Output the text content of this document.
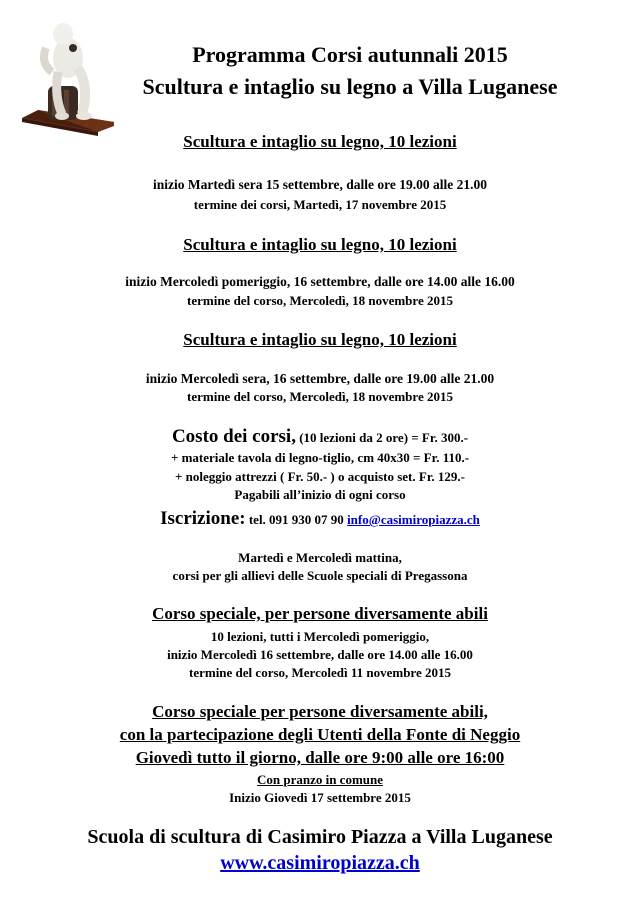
Programma Corsi autunnali 2015
Scultura e intaglio su legno a Villa Luganese
Scultura e intaglio su legno, 10 lezioni
inizio Martedì sera 15 settembre, dalle ore 19.00 alle 21.00
termine dei corsi, Martedì, 17 novembre 2015
Scultura e intaglio su legno, 10 lezioni
inizio Mercoledì pomeriggio, 16 settembre, dalle ore 14.00 alle 16.00
termine del corso, Mercoledì, 18 novembre 2015
Scultura e intaglio su legno, 10 lezioni
inizio Mercoledì sera, 16 settembre, dalle ore 19.00 alle 21.00
termine del corso, Mercoledì, 18 novembre 2015
Costo dei corsi, (10 lezioni da 2 ore) = Fr. 300.-
+ materiale tavola di legno-tiglio, cm 40x30 = Fr. 110.-
+ noleggio attrezzi ( Fr. 50.- ) o acquisto set. Fr. 129.-
Pagabili all’inizio di ogni corso
Iscrizione: tel. 091 930 07 90 info@casimiropiazza.ch
Martedì e Mercoledì mattina,
corsi per gli allievi delle Scuole speciali di Pregassona
Corso speciale, per persone diversamente abili
10 lezioni, tutti i Mercoledì pomeriggio,
inizio Mercoledì 16 settembre, dalle ore 14.00 alle 16.00
termine del corso, Mercoledì 11 novembre 2015
Corso speciale per persone diversamente abili,
con la partecipazione degli Utenti della Fonte di Neggio
Giovedì tutto il giorno, dalle ore 9:00 alle ore 16:00
Con pranzo in comune
Inizio Giovedì 17 settembre 2015
Scuola di scultura di Casimiro Piazza a Villa Luganese
www.casimiropiazza.ch
